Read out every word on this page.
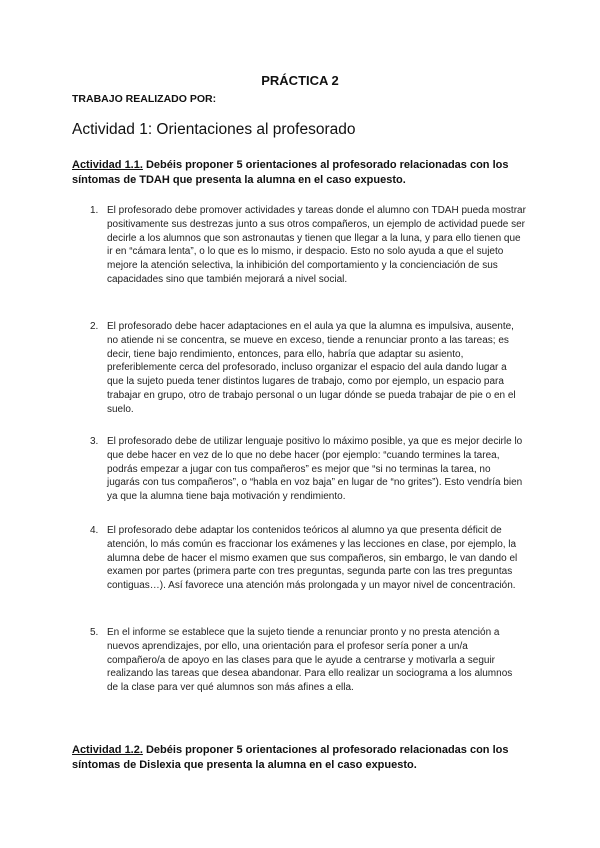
PRÁCTICA 2
TRABAJO REALIZADO POR:
Actividad 1: Orientaciones al profesorado
Actividad 1.1. Debéis proponer 5 orientaciones al profesorado relacionadas con los síntomas de TDAH que presenta la alumna en el caso expuesto.
1. El profesorado debe promover actividades y tareas donde el alumno con TDAH pueda mostrar positivamente sus destrezas junto a sus otros compañeros, un ejemplo de actividad puede ser decirle a los alumnos que son astronautas y tienen que llegar a la luna, y para ello tienen que ir en “cámara lenta”, o lo que es lo mismo, ir despacio. Esto no solo ayuda a que el sujeto mejore la atención selectiva, la inhibición del comportamiento y la concienciación de sus capacidades sino que también mejorará a nivel social.
2. El profesorado debe hacer adaptaciones en el aula ya que la alumna es impulsiva, ausente, no atiende ni se concentra, se mueve en exceso, tiende a renunciar pronto a las tareas; es decir, tiene bajo rendimiento, entonces, para ello, habría que adaptar su asiento, preferiblemente cerca del profesorado, incluso organizar el espacio del aula dando lugar a que la sujeto pueda tener distintos lugares de trabajo, como por ejemplo, un espacio para trabajar en grupo, otro de trabajo personal o un lugar dónde se pueda trabajar de pie o en el suelo.
3. El profesorado debe de utilizar lenguaje positivo lo máximo posible, ya que es mejor decirle lo que debe hacer en vez de lo que no debe hacer (por ejemplo: “cuando termines la tarea, podrás empezar a jugar con tus compañeros” es mejor que “si no terminas la tarea, no jugarás con tus compañeros”, o “habla en voz baja” en lugar de “no grites”). Esto vendría bien ya que la alumna tiene baja motivación y rendimiento.
4. El profesorado debe adaptar los contenidos teóricos al alumno ya que presenta déficit de atención, lo más común es fraccionar los exámenes y las lecciones en clase, por ejemplo, la alumna debe de hacer el mismo examen que sus compañeros, sin embargo, le van dando el examen por partes (primera parte con tres preguntas, segunda parte con las tres preguntas contiguas…). Así favorece una atención más prolongada y un mayor nivel de concentración.
5. En el informe se establece que la sujeto tiende a renunciar pronto y no presta atención a nuevos aprendizajes, por ello, una orientación para el profesor sería poner a un/a compañero/a de apoyo en las clases para que le ayude a centrarse y motivarla a seguir realizando las tareas que desea abandonar. Para ello realizar un sociograma a los alumnos de la clase para ver qué alumnos son más afines a ella.
Actividad 1.2. Debéis proponer 5 orientaciones al profesorado relacionadas con los síntomas de Dislexia que presenta la alumna en el caso expuesto.
